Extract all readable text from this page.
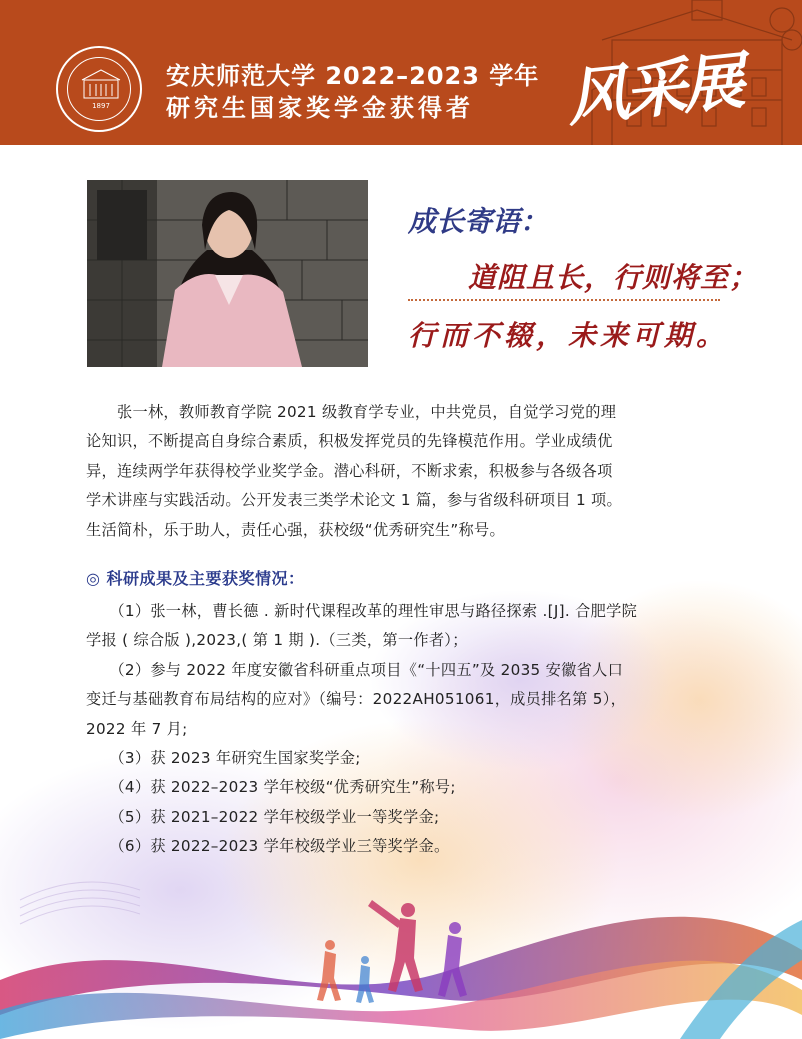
1897
安庆师范大学 2022–2023 学年
研究生国家奖学金获得者 风采展
成长寄语：
道阻且长，行则将至；
行而不辍，未来可期。
　　张一林，教师教育学院 2021 级教育学专业，中共党员，自觉学习党的理
论知识，不断提高自身综合素质，积极发挥党员的先锋模范作用。学业成绩优
异，连续两学年获得校学业奖学金。潜心科研，不断求索，积极参与各级各项
学术讲座与实践活动。公开发表三类学术论文 1 篇，参与省级科研项目 1 项。
生活简朴，乐于助人，责任心强，获校级“优秀研究生”称号。
◎ 科研成果及主要获奖情况：
　　（1）张一林，曹长德 . 新时代课程改革的理性审思与路径探索 .[J]. 合肥学院
学报 ( 综合版 ),2023,( 第 1 期 ).（三类，第一作者）；
　　（2）参与 2022 年度安徽省科研重点项目《“十四五”及 2035 安徽省人口
变迁与基础教育布局结构的应对》（编号：2022AH051061，成员排名第 5），
2022 年 7 月;
　　（3）获 2023 年研究生国家奖学金;
　　（4）获 2022–2023 学年校级“优秀研究生”称号;
　　（5）获 2021–2022 学年校级学业一等奖学金;
　　（6）获 2022–2023 学年校级学业三等奖学金。
